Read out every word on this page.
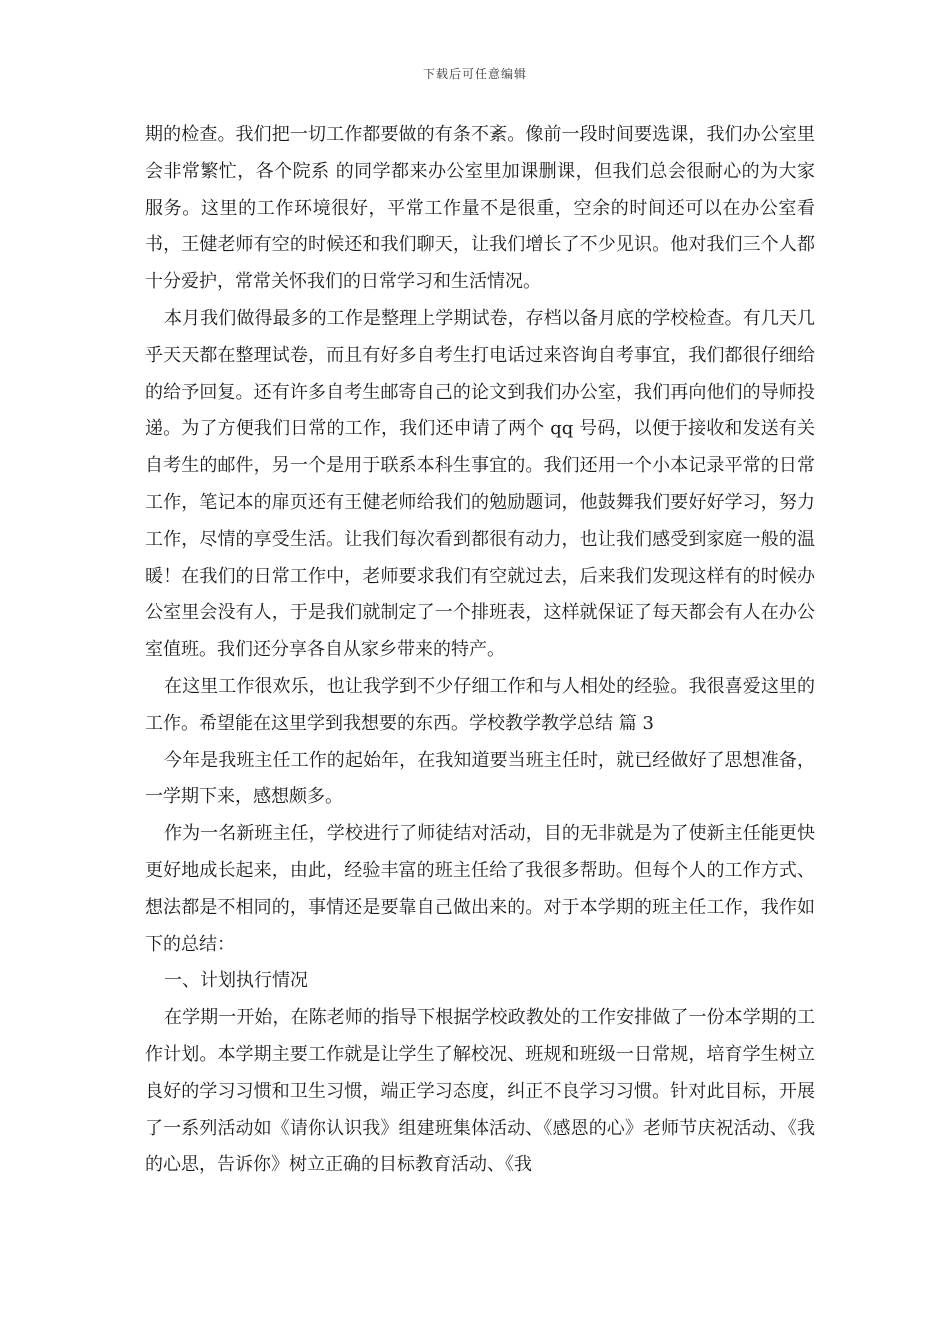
下载后可任意编辑

期的检查。我们把一切工作都要做的有条不紊。像前一段时间要选课，我们办公室里会非常繁忙，各个院系 的同学都来办公室里加课删课，但我们总会很耐心的为大家服务。这里的工作环境很好，平常工作量不是很重，空余的时间还可以在办公室看书，王健老师有空的时候还和我们聊天，让我们增长了不少见识。他对我们三个人都十分爱护，常常关怀我们的日常学习和生活情况。

本月我们做得最多的工作是整理上学期试卷，存档以备月底的学校检查。有几天几乎天天都在整理试卷，而且有好多自考生打电话过来咨询自考事宜，我们都很仔细给的给予回复。还有许多自考生邮寄自己的论文到我们办公室，我们再向他们的导师投递。为了方便我们日常的工作，我们还申请了两个 qq 号码，以便于接收和发送有关自考生的邮件，另一个是用于联系本科生事宜的。我们还用一个小本记录平常的日常工作，笔记本的扉页还有王健老师给我们的勉励题词，他鼓舞我们要好好学习，努力工作，尽情的享受生活。让我们每次看到都很有动力，也让我们感受到家庭一般的温暖！在我们的日常工作中，老师要求我们有空就过去，后来我们发现这样有的时候办公室里会没有人，于是我们就制定了一个排班表，这样就保证了每天都会有人在办公室值班。我们还分享各自从家乡带来的特产。

在这里工作很欢乐，也让我学到不少仔细工作和与人相处的经验。我很喜爱这里的工作。希望能在这里学到我想要的东西。学校教学教学总结 篇 3

今年是我班主任工作的起始年，在我知道要当班主任时，就已经做好了思想准备，一学期下来，感想颇多。

作为一名新班主任，学校进行了师徒结对活动，目的无非就是为了使新主任能更快更好地成长起来，由此，经验丰富的班主任给了我很多帮助。但每个人的工作方式、想法都是不相同的，事情还是要靠自己做出来的。对于本学期的班主任工作，我作如下的总结：

一、计划执行情况

在学期一开始，在陈老师的指导下根据学校政教处的工作安排做了一份本学期的工作计划。本学期主要工作就是让学生了解校况、班规和班级一日常规，培育学生树立良好的学习习惯和卫生习惯，端正学习态度，纠正不良学习习惯。针对此目标，开展了一系列活动如《请你认识我》组建班集体活动、《感恩的心》老师节庆祝活动、《我的心思，告诉你》树立正确的目标教育活动、《我
